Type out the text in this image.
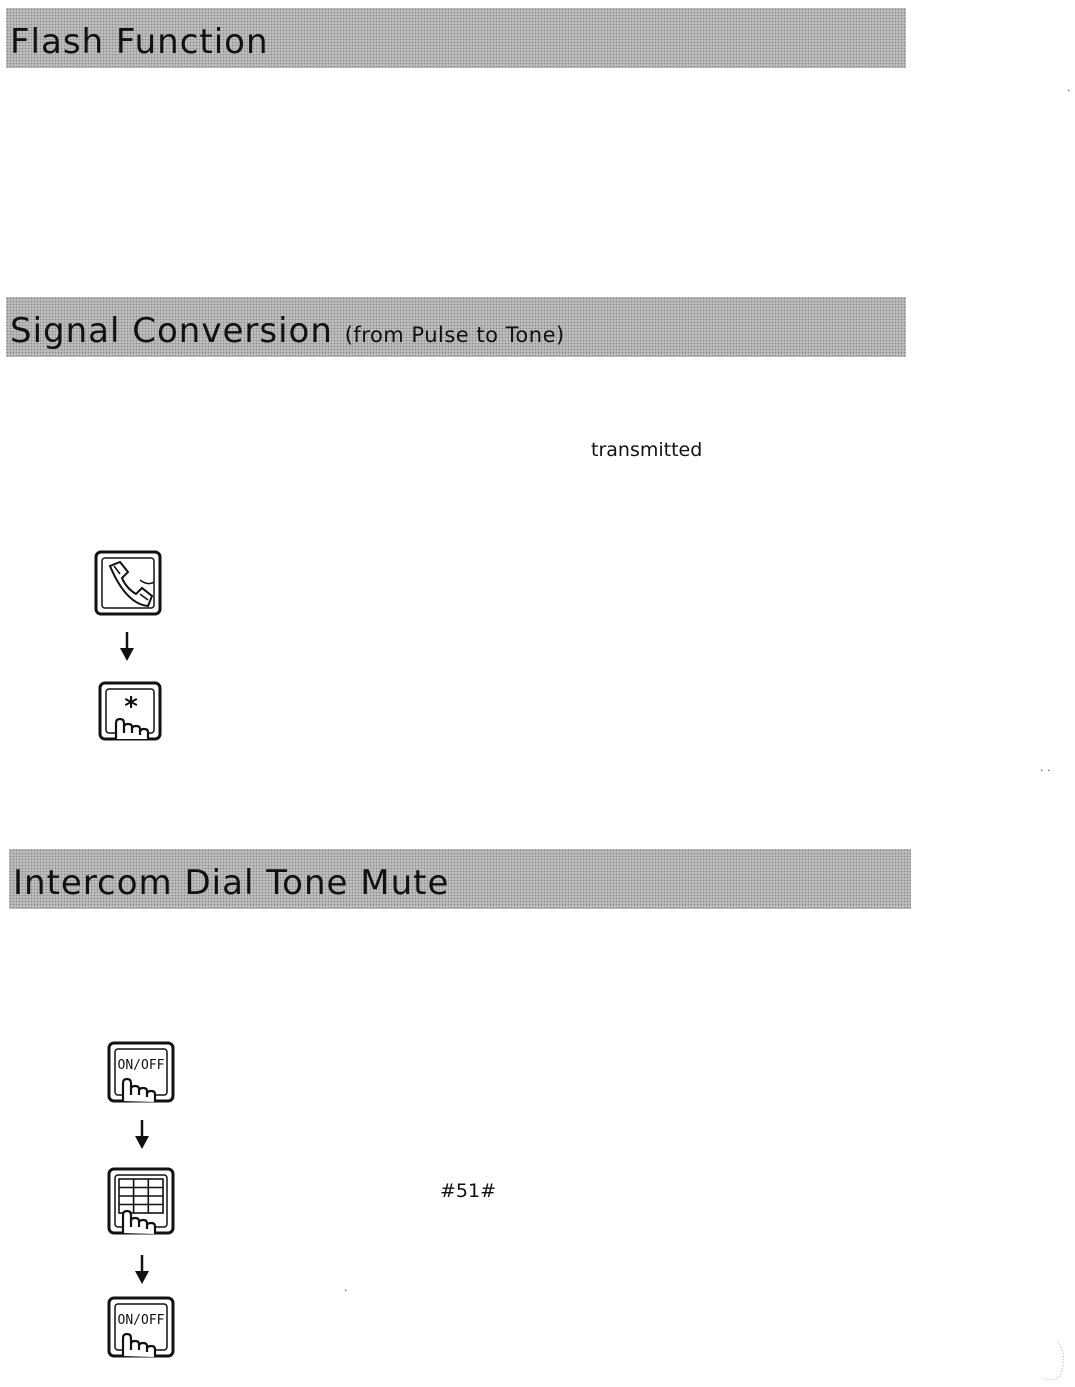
Flash Function
Signal Conversion (from Pulse to Tone)
transmitted
*
Intercom Dial Tone Mute
ON/OFF
#51#
ON/OFF
·
· ·
·
